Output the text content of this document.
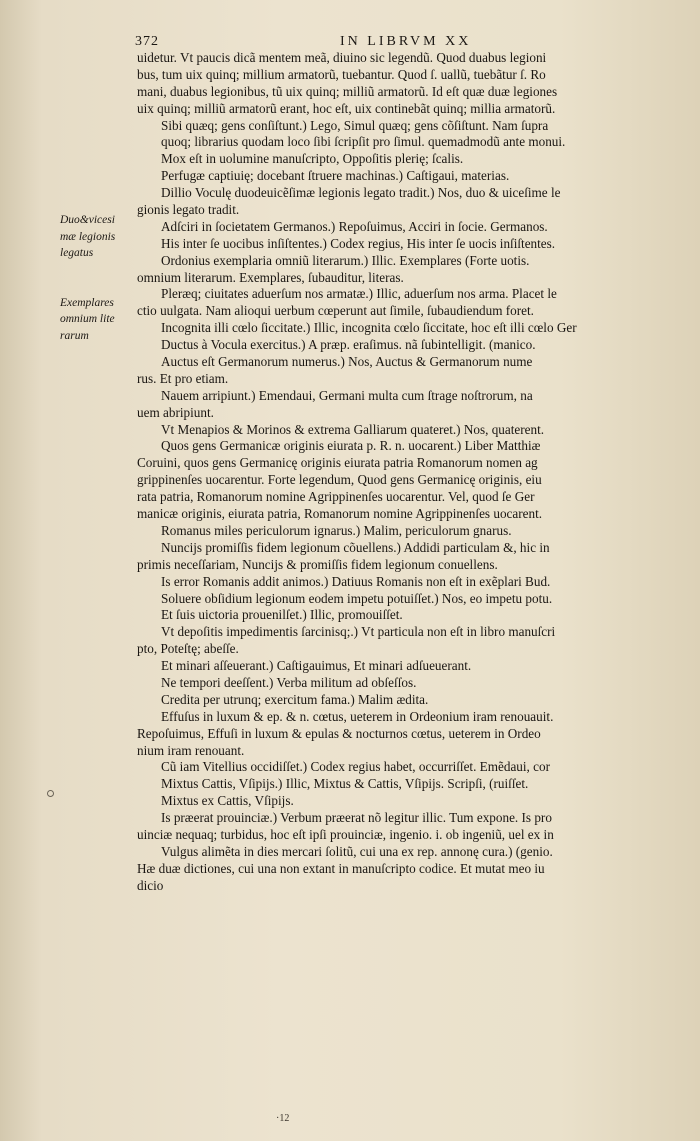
372	IN LIBRVM XX
Duo&vicesi
mæ legionis
legatus
Exemplares
omnium lite
rarum
uidetur. Vt paucis dicã mentem meã, diuino sic legendũ. Quod duabus legioni
bus, tum uix quinq; millium armatorũ, tuebantur. Quod ſ. uallũ, tuebãtur ſ. Ro
mani, duabus legionibus, tũ uix quinq; milliũ armatorũ. Id eſt quæ duæ legiones
uix quinq; milliũ armatorũ erant, hoc eſt, uix continebãt quinq; millia armatorũ.
Sibi quæq; gens conſiſtunt.) Lego, Simul quæq; gens cõſiſtunt. Nam ſupra
quoq; librarius quodam loco ſibi ſcripſit pro ſimul. quemadmodũ ante monui.
Mox eſt in uolumine manuſcripto, Oppoſitis plerię; ſcalis.
Perfugæ captiuię; docebant ſtruere machinas.) Caſtigaui, materias.
Dillio Voculę duodeuicẽſimæ legionis legato tradit.) Nos, duo & uiceſime le
gionis legato tradit.
Adſciri in ſocietatem Germanos.) Repoſuimus, Acciri in ſocie. Germanos.
His inter ſe uocibus inſiſtentes.) Codex regius, His inter ſe uocis inſiſtentes.
Ordonius exemplaria omniũ literarum.) Illic. Exemplares (Forte uotis.
omnium literarum. Exemplares, ſubauditur, literas.
Pleræq; ciuitates aduerſum nos armatæ.) Illic, aduerſum nos arma. Placet le
ctio uulgata. Nam alioqui uerbum cœperunt aut ſimile, ſubaudiendum foret.
Incognita illi cœlo ſiccitate.) Illic, incognita cœlo ſiccitate, hoc eſt illi cœlo Ger
Ductus à Vocula exercitus.) A præp. eraſimus. nã ſubintelligit. (manico.
Auctus eſt Germanorum numerus.) Nos, Auctus & Germanorum nume
rus. Et pro etiam.
Nauem arripiunt.) Emendaui, Germani multa cum ſtrage noſtrorum, na
uem abripiunt.
Vt Menapios & Morinos & extrema Galliarum quateret.) Nos, quaterent.
Quos gens Germanicæ originis eiurata p. R. n. uocarent.) Liber Matthiæ
Coruini, quos gens Germanicę originis eiurata patria Romanorum nomen ag
grippinenſes uocarentur. Forte legendum, Quod gens Germanicę originis, eiu
rata patria, Romanorum nomine Agrippinenſes uocarentur. Vel, quod ſe Ger
manicæ originis, eiurata patria, Romanorum nomine Agrippinenſes uocarent.
Romanus miles periculorum ignarus.) Malim, periculorum gnarus.
Nuncijs promiſſis fidem legionum cõuellens.) Addidi particulam &, hic in
primis neceſſariam, Nuncijs & promiſſis fidem legionum conuellens.
Is error Romanis addit animos.) Datiuus Romanis non eſt in exẽplari Bud.
Soluere obſidium legionum eodem impetu potuiſſet.) Nos, eo impetu potu.
Et ſuis uictoria prouenilſet.) Illic, promouiſſet.
Vt depoſitis impedimentis ſarcinisq;.) Vt particula non eſt in libro manuſcri
pto, Poteſtę; abeſſe.
Et minari aſſeuerant.) Caſtigauimus, Et minari adſueuerant.
Ne tempori deeſſent.) Verba militum ad obſeſſos.
Credita per utrunq; exercitum fama.) Malim ædita.
Effuſus in luxum & ep. & n. cœtus, ueterem in Ordeonium iram renouauit.
Repoſuimus, Effuſi in luxum & epulas & nocturnos cœtus, ueterem in Ordeo
nium iram renouant.
Cũ iam Vitellius occidiſſet.) Codex regius habet, occurriſſet. Emẽdaui, cor
Mixtus Cattis, Vſipijs.) Illic, Mixtus & Cattis, Vſipijs. Scripſi, (ruiſſet.
Mixtus ex Cattis, Vſipijs.
Is præerat prouinciæ.) Verbum præerat nõ legitur illic. Tum expone. Is pro
uinciæ nequaq; turbidus, hoc eſt ipſi prouinciæ, ingenio. i. ob ingeniũ, uel ex in
Vulgus alimẽta in dies mercari ſolitũ, cui una ex rep. annonę cura.) (genio.
Hæ duæ dictiones, cui una non extant in manuſcripto codice. Et mutat meo iu
dicio
·12
